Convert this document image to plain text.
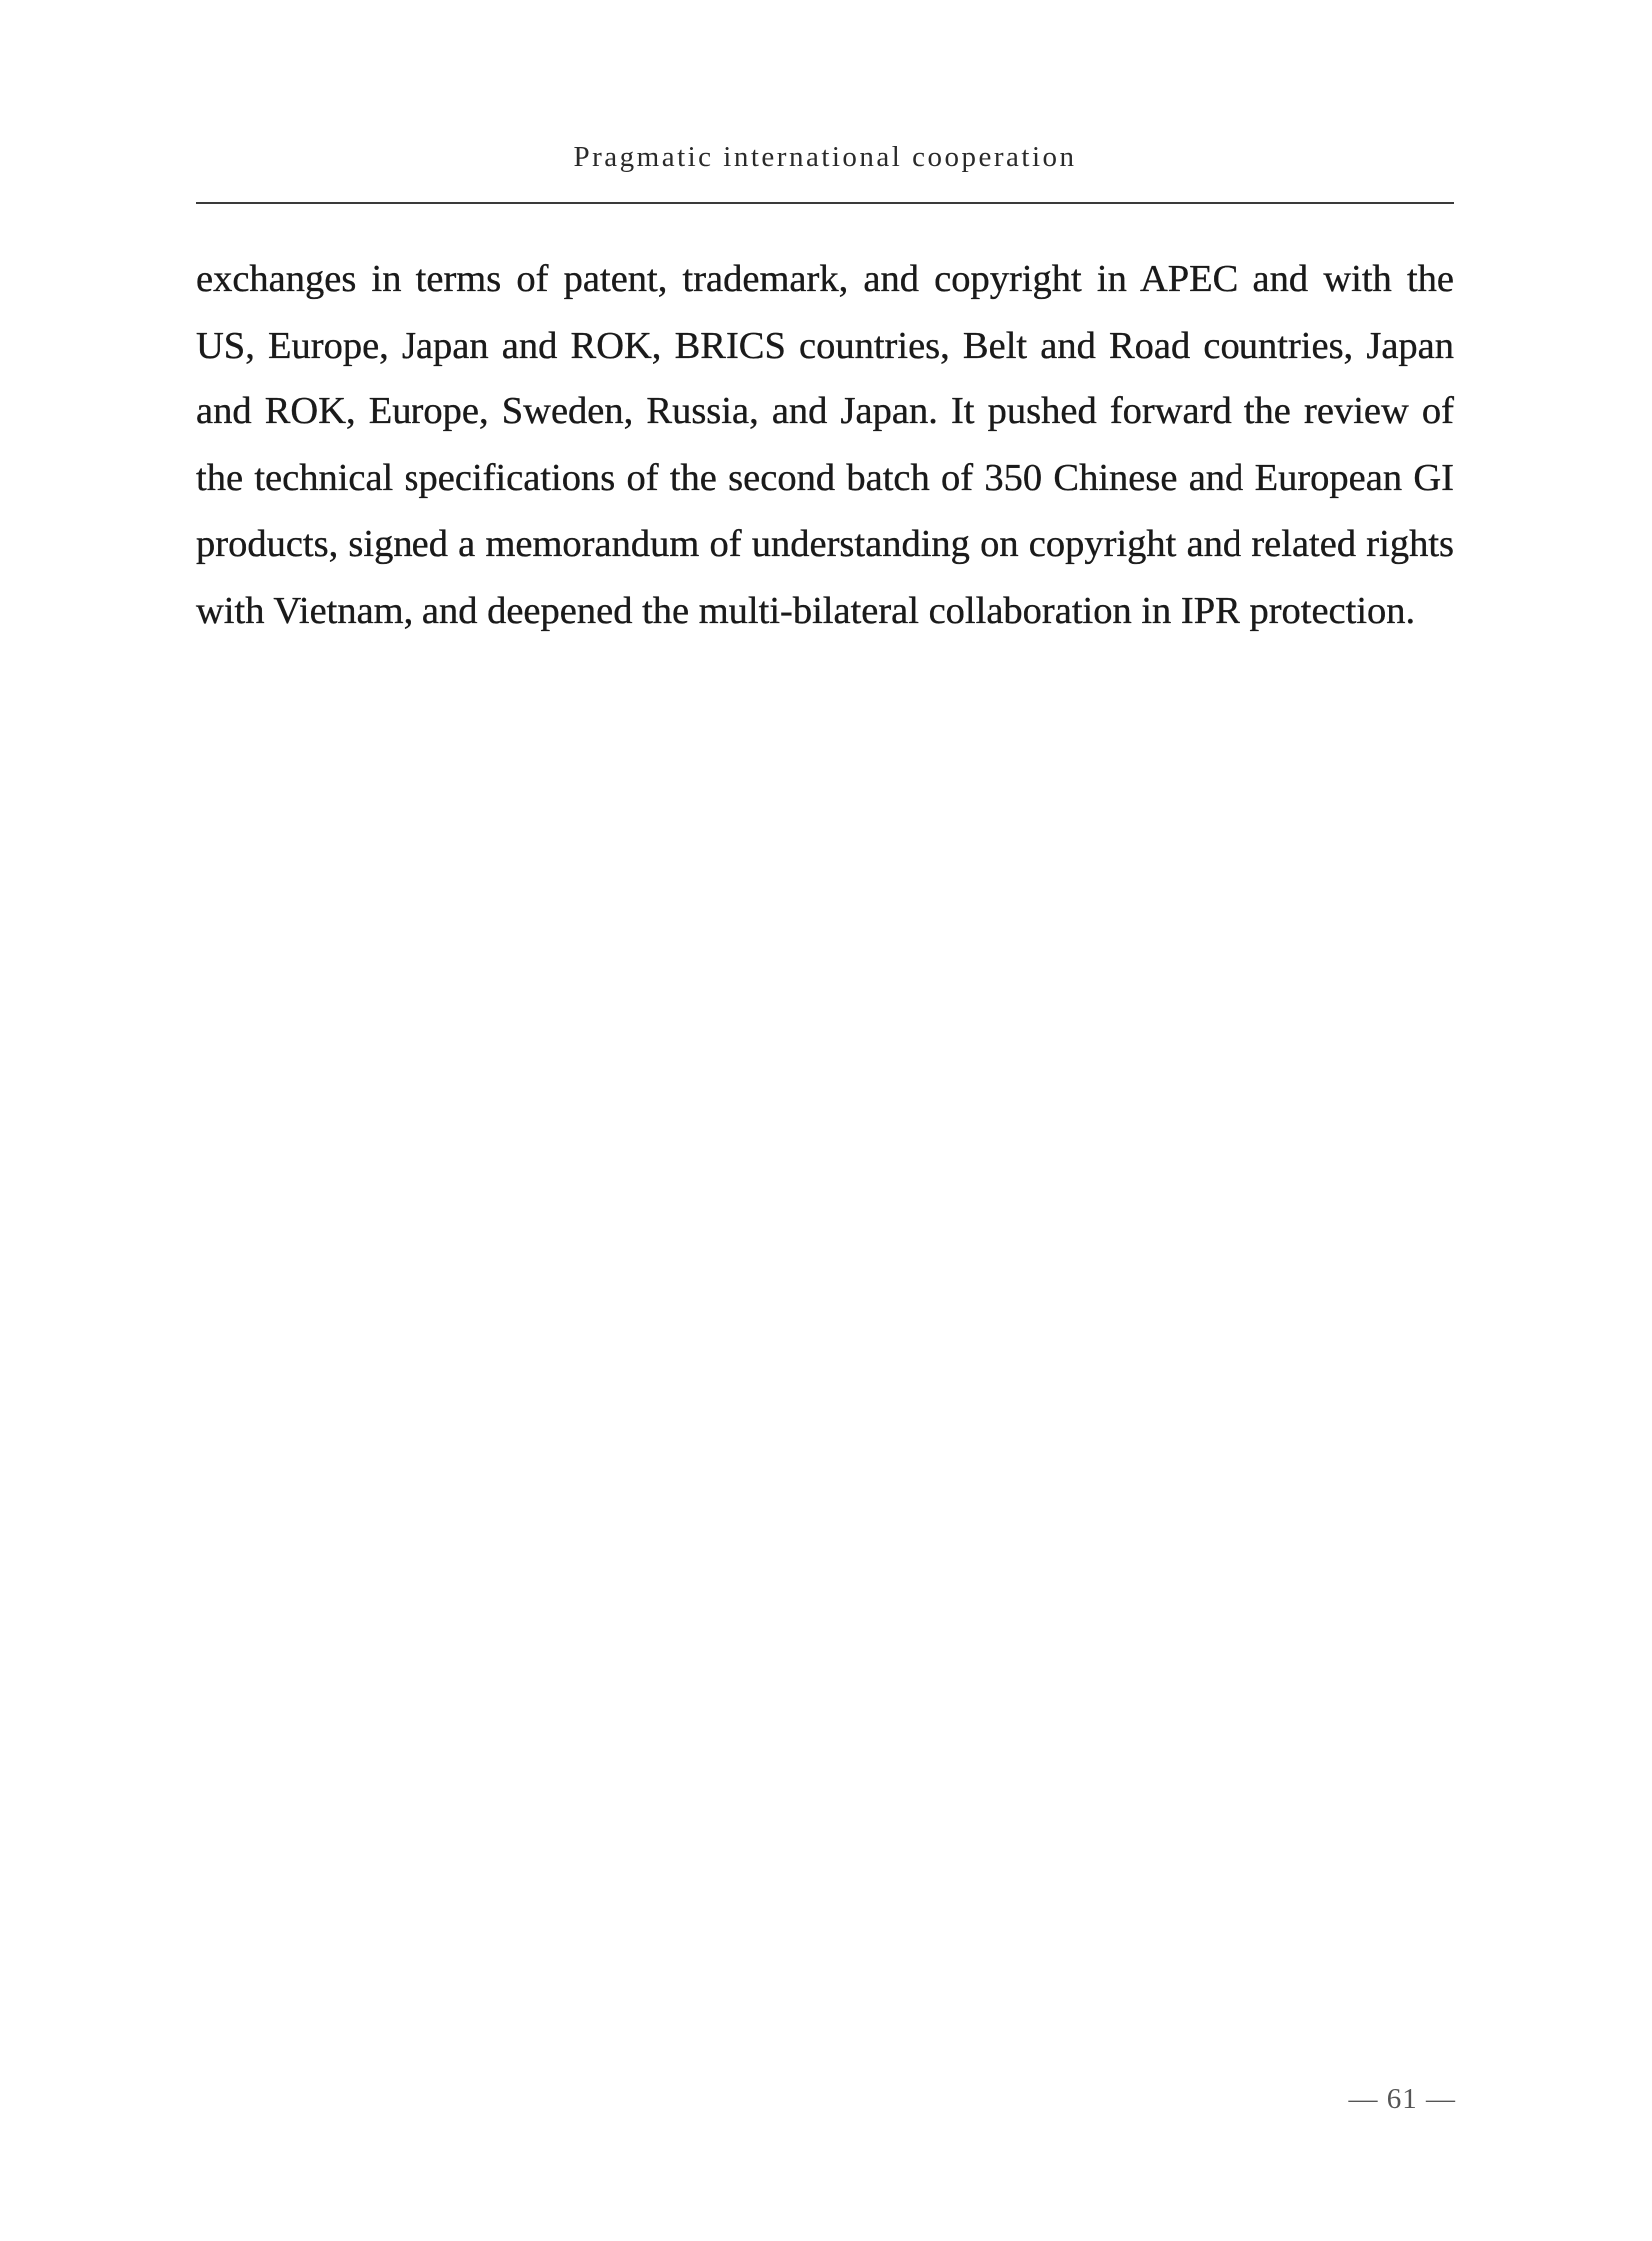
Pragmatic international cooperation

exchanges in terms of patent, trademark, and copyright in APEC and with the US, Europe, Japan and ROK, BRICS countries, Belt and Road countries, Japan and ROK, Europe, Sweden, Russia, and Japan. It pushed forward the review of the technical specifications of the second batch of 350 Chinese and European GI products, signed a memorandum of understanding on copyright and related rights with Vietnam, and deepened the multi-bilateral collaboration in IPR protection.

— 61 —
